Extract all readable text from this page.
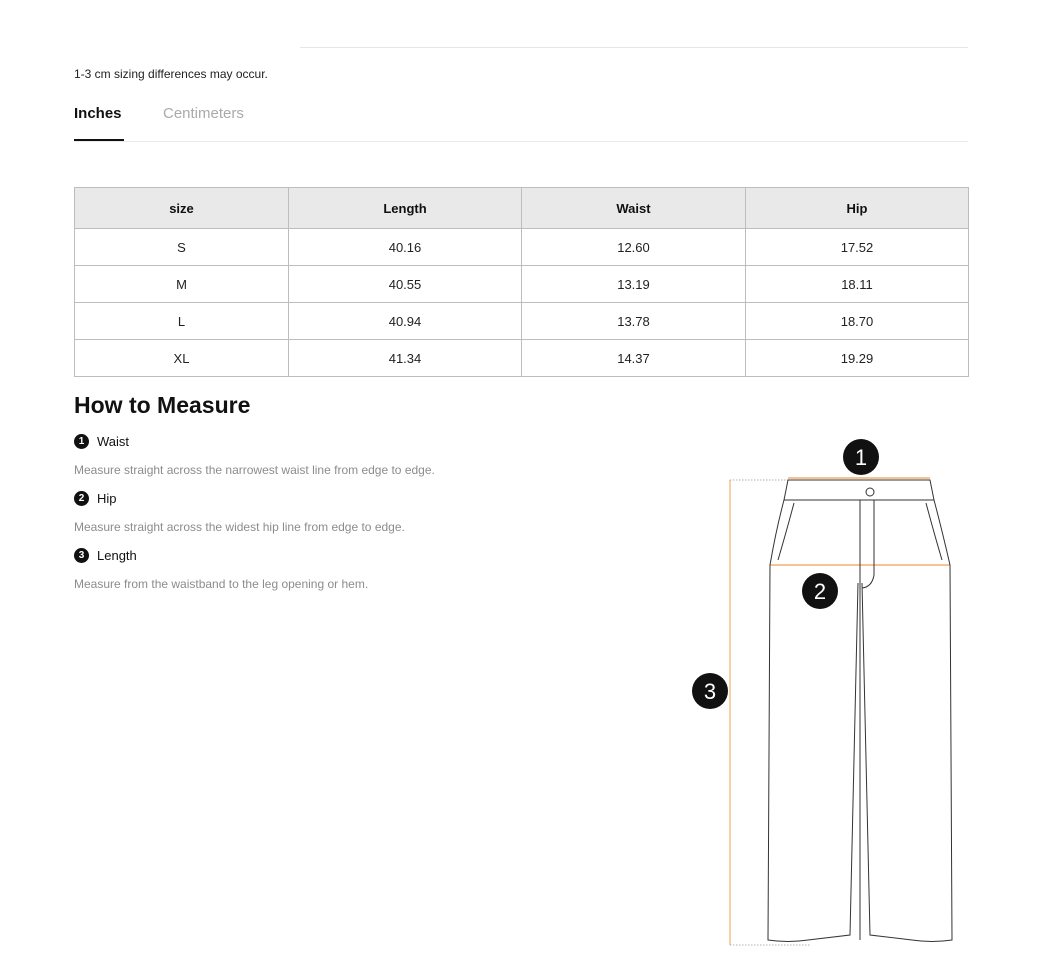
1-3 cm sizing differences may occur.
Inches	Centimeters
size	Length	Waist	Hip
S	40.16	12.60	17.52
M	40.55	13.19	18.11
L	40.94	13.78	18.70
XL	41.34	14.37	19.29
How to Measure
1 Waist
Measure straight across the narrowest waist line from edge to edge.
2 Hip
Measure straight across the widest hip line from edge to edge.
3 Length
Measure from the waistband to the leg opening or hem.
1
2
3
